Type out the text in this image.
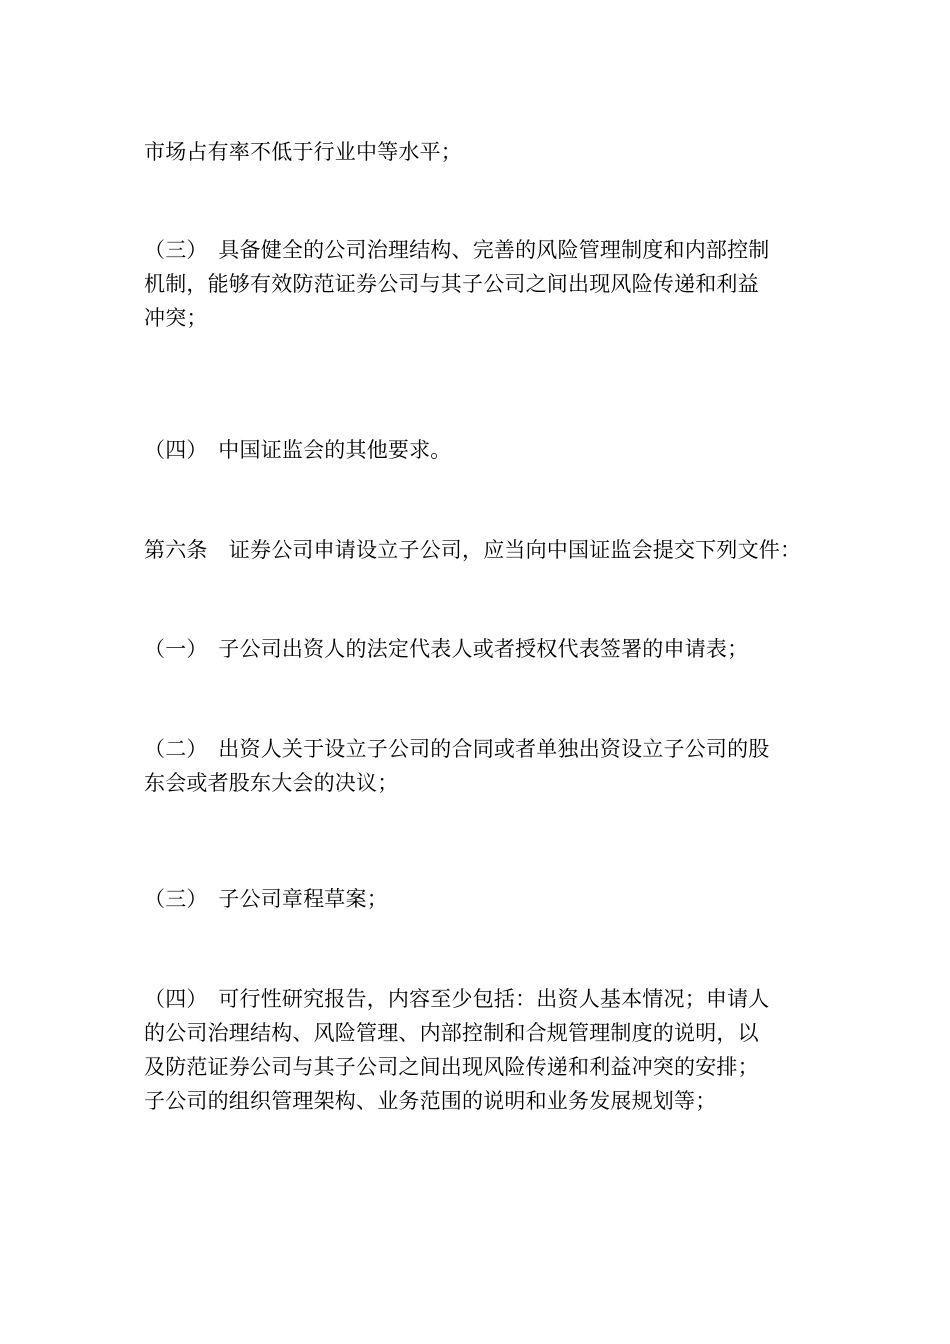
市场占有率不低于行业中等水平；
（三）　具备健全的公司治理结构、完善的风险管理制度和内部控制
机制，能够有效防范证券公司与其子公司之间出现风险传递和利益
冲突；
（四）　中国证监会的其他要求。
第六条　证券公司申请设立子公司，应当向中国证监会提交下列文件：
（一）　子公司出资人的法定代表人或者授权代表签署的申请表；
（二）　出资人关于设立子公司的合同或者单独出资设立子公司的股
东会或者股东大会的决议；
（三）　子公司章程草案；
（四）　可行性研究报告，内容至少包括：出资人基本情况；申请人
的公司治理结构、风险管理、内部控制和合规管理制度的说明，以
及防范证券公司与其子公司之间出现风险传递和利益冲突的安排；
子公司的组织管理架构、业务范围的说明和业务发展规划等；
